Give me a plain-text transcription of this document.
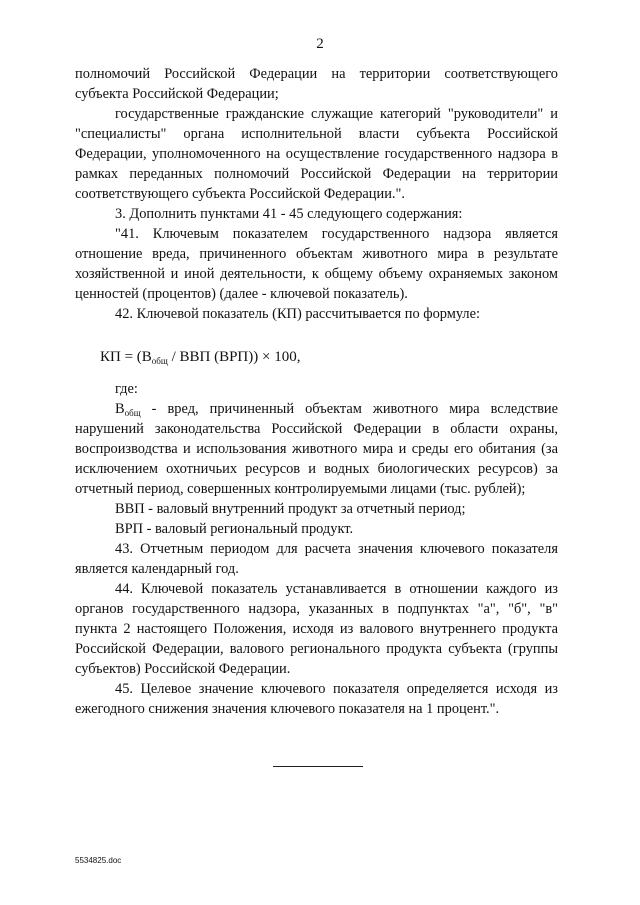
2

полномочий Российской Федерации на территории соответствующего субъекта Российской Федерации;

государственные гражданские служащие категорий "руководители" и "специалисты" органа исполнительной власти субъекта Российской Федерации, уполномоченного на осуществление государственного надзора в рамках переданных полномочий Российской Федерации на территории соответствующего субъекта Российской Федерации.".

3. Дополнить пунктами 41 - 45 следующего содержания:

"41. Ключевым показателем государственного надзора является отношение вреда, причиненного объектам животного мира в результате хозяйственной и иной деятельности, к общему объему охраняемых законом ценностей (процентов) (далее - ключевой показатель).

42. Ключевой показатель (КП) рассчитывается по формуле:

КП = ($В_{общ}$ / ВВП (ВРП)) × 100,

где:

$В_{общ}$ - вред, причиненный объектам животного мира вследствие нарушений законодательства Российской Федерации в области охраны, воспроизводства и использования животного мира и среды его обитания (за исключением охотничьих ресурсов и водных биологических ресурсов) за отчетный период, совершенных контролируемыми лицами (тыс. рублей);

ВВП - валовый внутренний продукт за отчетный период;

ВРП - валовый региональный продукт.

43. Отчетным периодом для расчета значения ключевого показателя является календарный год.

44. Ключевой показатель устанавливается в отношении каждого из органов государственного надзора, указанных в подпунктах "а", "б", "в" пункта 2 настоящего Положения, исходя из валового внутреннего продукта Российской Федерации, валового регионального продукта субъекта (группы субъектов) Российской Федерации.

45. Целевое значение ключевого показателя определяется исходя из ежегодного снижения значения ключевого показателя на 1 процент.".

5534825.doc
